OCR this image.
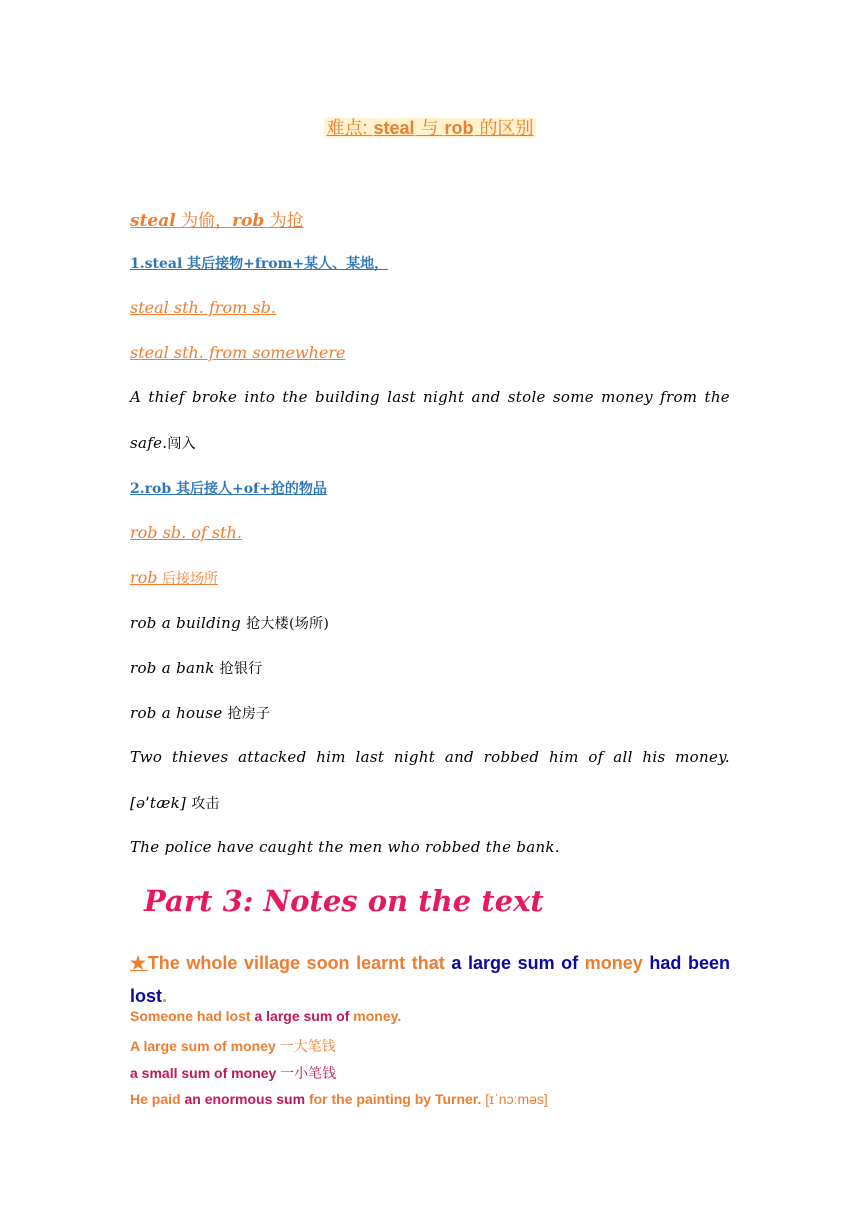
难点: steal 与 rob 的区别
steal 为偷，rob 为抢
1.steal 其后接物+from+某人、某地，
steal sth. from sb.
steal sth. from somewhere
A thief broke into the building last night and stole some money from the
safe.闯入
2.rob 其后接人+of+抢的物品
rob sb. of sth.
rob 后接场所
rob a building 抢大楼(场所)
rob a bank 抢银行
rob a house 抢房子
Two thieves attacked him last night and robbed him of all his money.
[əˈtæk] 攻击
The police have caught the men who robbed the bank.
Part 3: Notes on the text
★The whole village soon learnt that a large sum of money had been lost.
Someone had lost a large sum of money.
A large sum of money 一大笔钱
a small sum of money 一小笔钱
He paid an enormous sum for the painting by Turner. [ɪˈnɔːməs]
